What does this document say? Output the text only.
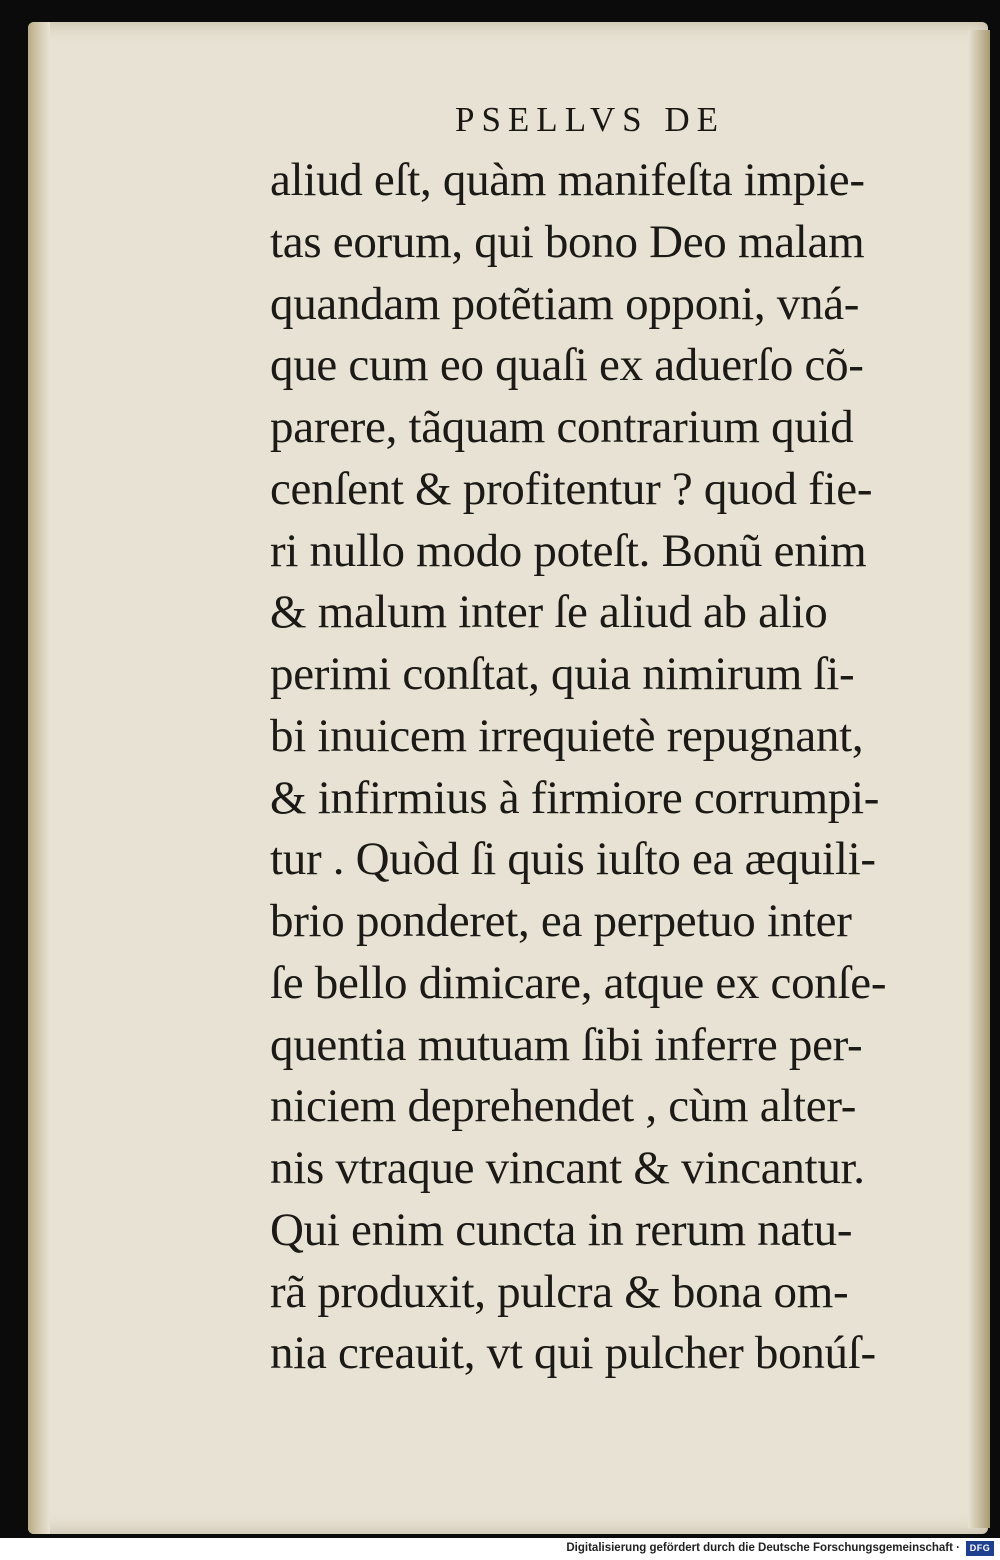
PSELLVS DE
aliud eſt, quàm manifeſta impie-
tas eorum, qui bono Deo malam
quandam potẽtiam opponi, vná-
que cum eo quaſi ex aduerſo cõ-
parere, tãquam contrarium quid
cenſent & profitentur ? quod fie-
ri nullo modo poteſt. Bonũ enim
& malum inter ſe aliud ab alio
perimi conſtat, quia nimirum ſi-
bi inuicem irrequietè repugnant,
& infirmius à firmiore corrumpi-
tur . Quòd ſi quis iuſto ea æquili-
brio ponderet, ea perpetuo inter
ſe bello dimicare, atque ex conſe-
quentia mutuam ſibi inferre per-
niciem deprehendet , cùm alter-
nis vtraque vincant & vincantur.
Qui enim cuncta in rerum natu-
rã produxit, pulcra & bona om-
nia creauit, vt qui pulcher bonúſ-
Digitalisierung gefördert durch die Deutsche Forschungsgemeinschaft ·	DFG
